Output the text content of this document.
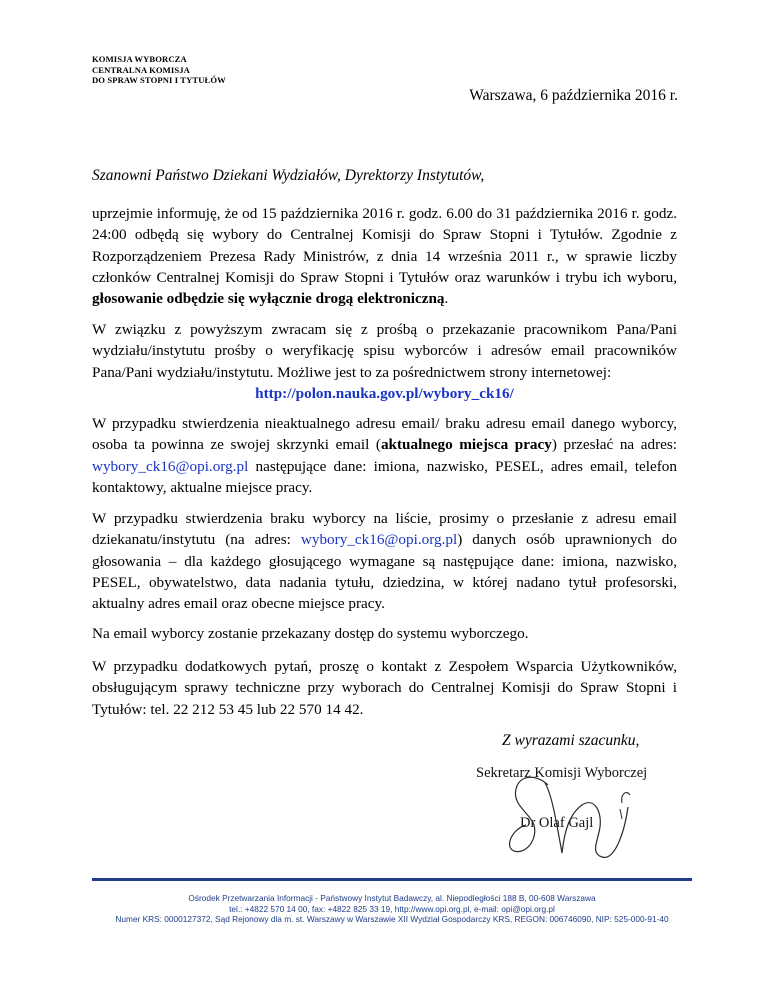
KOMISJA WYBORCZA
CENTRALNA KOMISJA
DO SPRAW STOPNI I TYTUŁÓW
Warszawa, 6 października 2016 r.
Szanowni Państwo Dziekani Wydziałów, Dyrektorzy Instytutów,
uprzejmie informuję, że od 15 października 2016 r. godz. 6.00 do 31 października 2016 r. godz. 24:00 odbędą się wybory do Centralnej Komisji do Spraw Stopni i Tytułów. Zgodnie z Rozporządzeniem Prezesa Rady Ministrów, z dnia 14 września 2011 r., w sprawie liczby członków Centralnej Komisji do Spraw Stopni i Tytułów oraz warunków i trybu ich wyboru, głosowanie odbędzie się wyłącznie drogą elektroniczną.
W związku z powyższym zwracam się z prośbą o przekazanie pracownikom Pana/Pani wydziału/instytutu prośby o weryfikację spisu wyborców i adresów email pracowników Pana/Pani wydziału/instytutu. Możliwe jest to za pośrednictwem strony internetowej:
http://polon.nauka.gov.pl/wybory_ck16/
W przypadku stwierdzenia nieaktualnego adresu email/ braku adresu email danego wyborcy, osoba ta powinna ze swojej skrzynki email (aktualnego miejsca pracy) przesłać na adres: wybory_ck16@opi.org.pl następujące dane: imiona, nazwisko, PESEL, adres email, telefon kontaktowy, aktualne miejsce pracy.
W przypadku stwierdzenia braku wyborcy na liście, prosimy o przesłanie z adresu email dziekanatu/instytutu (na adres: wybory_ck16@opi.org.pl) danych osób uprawnionych do głosowania – dla każdego głosującego wymagane są następujące dane: imiona, nazwisko, PESEL, obywatelstwo, data nadania tytułu, dziedzina, w której nadano tytuł profesorski, aktualny adres email oraz obecne miejsce pracy.
Na email wyborcy zostanie przekazany dostęp do systemu wyborczego.
W przypadku dodatkowych pytań, proszę o kontakt z Zespołem Wsparcia Użytkowników, obsługującym sprawy techniczne przy wyborach do Centralnej Komisji do Spraw Stopni i Tytułów: tel. 22 212 53 45 lub 22 570 14 42.
Z wyrazami szacunku,
Sekretarz Komisji Wyborczej
Dr Olaf Gajl
Ośrodek Przetwarzania Informacji - Państwowy Instytut Badawczy, al. Niepodległości 188 B, 00-608 Warszawa
tel.: +4822 570 14 00, fax: +4822 825 33 19, http://www.opi.org.pl, e-mail: opi@opi.org.pl
Numer KRS: 0000127372, Sąd Rejonowy dla m. st. Warszawy w Warszawie XII Wydział Gospodarczy KRS, REGON: 006746090, NIP: 525-000-91-40
